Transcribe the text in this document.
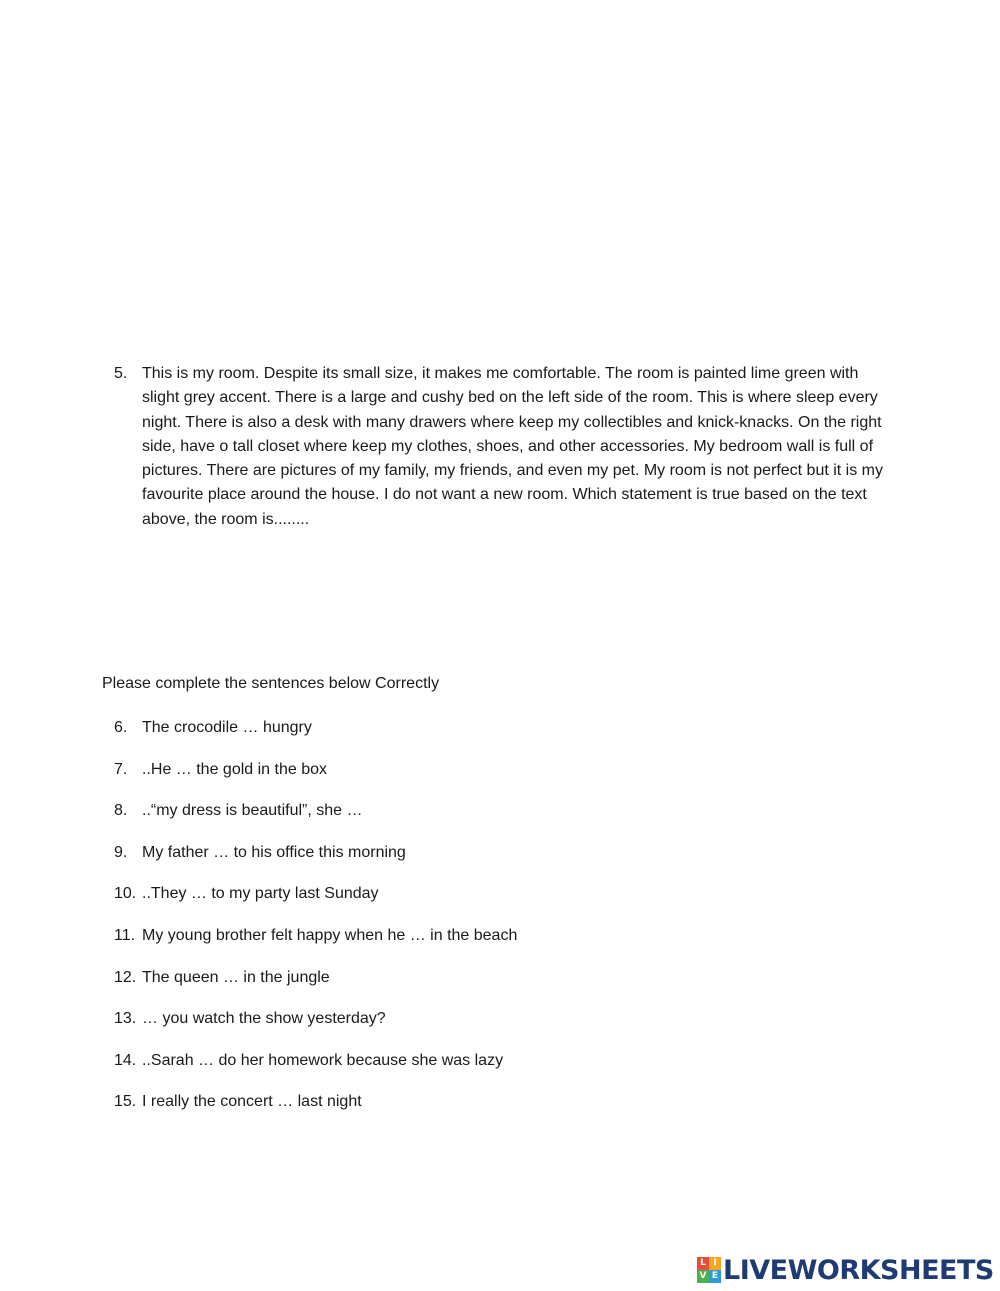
5. This is my room. Despite its small size, it makes me comfortable. The room is painted lime green with slight grey accent. There is a large and cushy bed on the left side of the room. This is where sleep every night. There is also a desk with many drawers where keep my collectibles and knick-knacks. On the right side, have o tall closet where keep my clothes, shoes, and other accessories. My bedroom wall is full of pictures. There are pictures of my family, my friends, and even my pet. My room is not perfect but it is my favourite place around the house. I do not want a new room. Which statement is true based on the text above, the room is........
Please complete the sentences below Correctly
6. The crocodile … hungry
7. ..He … the gold in the box
8. ..“my dress is beautiful”, she …
9. My father … to his office this morning
10. ..They … to my party last Sunday
11. My young brother felt happy when he … in the beach
12. The queen … in the jungle
13. … you watch the show yesterday?
14. ..Sarah … do her homework because she was lazy
15. I really the concert … last night
L I
V E LIVEWORKSHEETS
